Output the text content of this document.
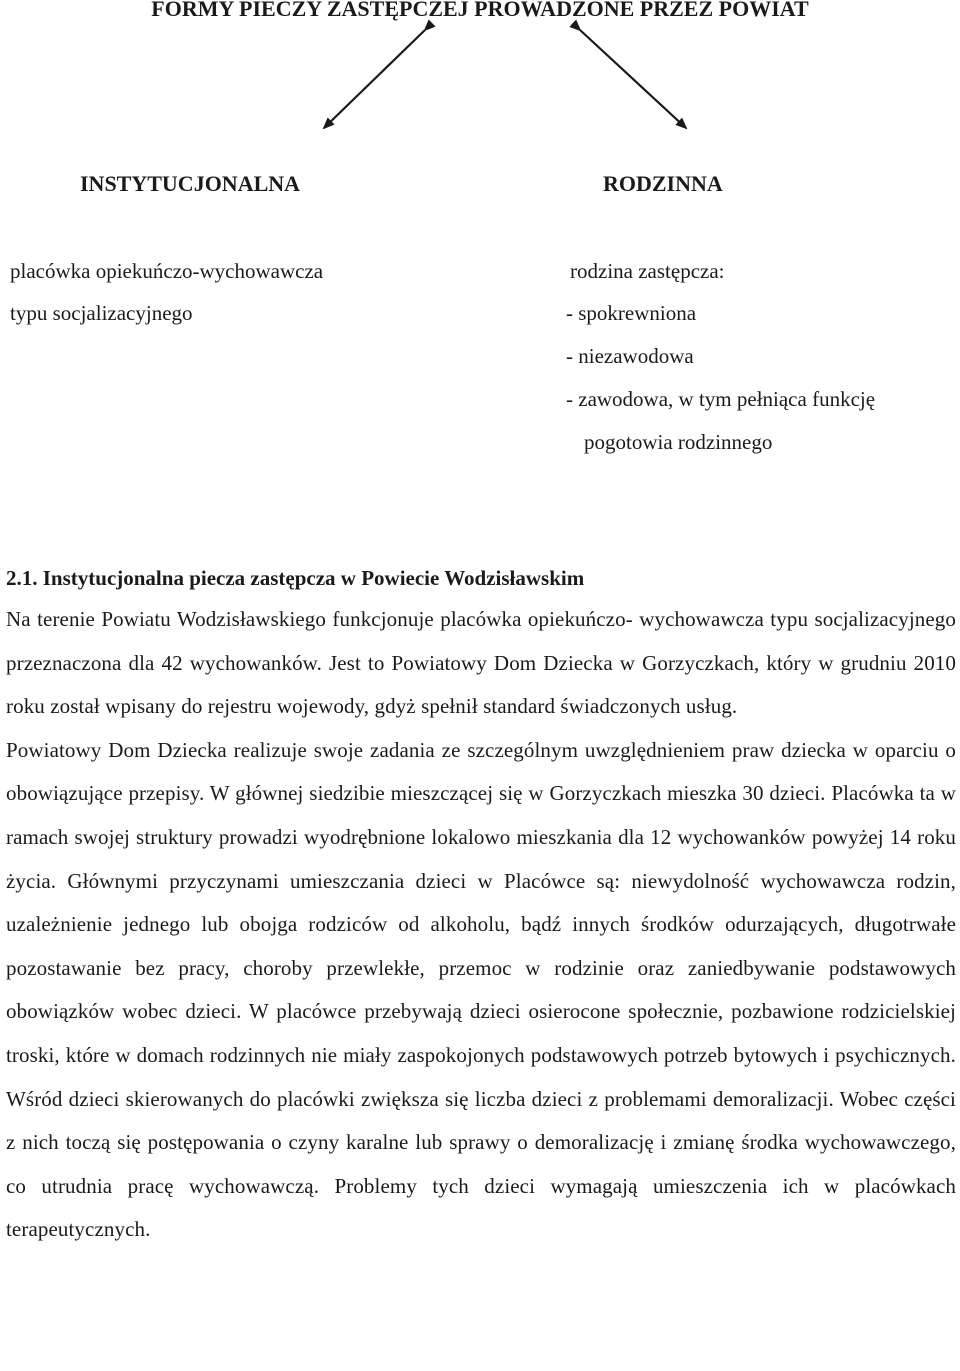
FORMY PIECZY ZASTĘPCZEJ PROWADZONE PRZEZ POWIAT
INSTYTUCJONALNA	RODZINNA

placówka opiekuńczo-wychowawcza

typu socjalizacyjnego

rodzina zastępcza:

- spokrewniona

- niezawodowa

- zawodowa, w tym pełniąca funkcję

pogotowia rodzinnego

2.1. Instytucjonalna piecza zastępcza w Powiecie Wodzisławskim

Na terenie Powiatu Wodzisławskiego funkcjonuje placówka opiekuńczo- wychowawcza typu socjalizacyjnego przeznaczona dla 42 wychowanków. Jest to Powiatowy Dom Dziecka w Gorzyczkach, który w grudniu 2010 roku został wpisany do rejestru wojewody, gdyż spełnił standard świadczonych usług.

Powiatowy Dom Dziecka realizuje swoje zadania ze szczególnym uwzględnieniem praw dziecka w oparciu o obowiązujące przepisy. W głównej siedzibie mieszczącej się w Gorzyczkach mieszka 30 dzieci. Placówka ta w ramach swojej struktury prowadzi wyodrębnione lokalowo mieszkania dla 12 wychowanków powyżej 14 roku życia. Głównymi przyczynami umieszczania dzieci w Placówce są: niewydolność wychowawcza rodzin, uzależnienie jednego lub obojga rodziców od alkoholu, bądź innych środków odurzających, długotrwałe pozostawanie bez pracy, choroby przewlekłe, przemoc w rodzinie oraz zaniedbywanie podstawowych obowiązków wobec dzieci. W placówce przebywają dzieci osierocone społecznie, pozbawione rodzicielskiej troski, które w domach rodzinnych nie miały zaspokojonych podstawowych potrzeb bytowych i psychicznych. Wśród dzieci skierowanych do placówki zwiększa się liczba dzieci z problemami demoralizacji. Wobec części z nich toczą się postępowania o czyny karalne lub sprawy o demoralizację i zmianę środka wychowawczego, co utrudnia pracę wychowawczą. Problemy tych dzieci wymagają umieszczenia ich w placówkach terapeutycznych.
